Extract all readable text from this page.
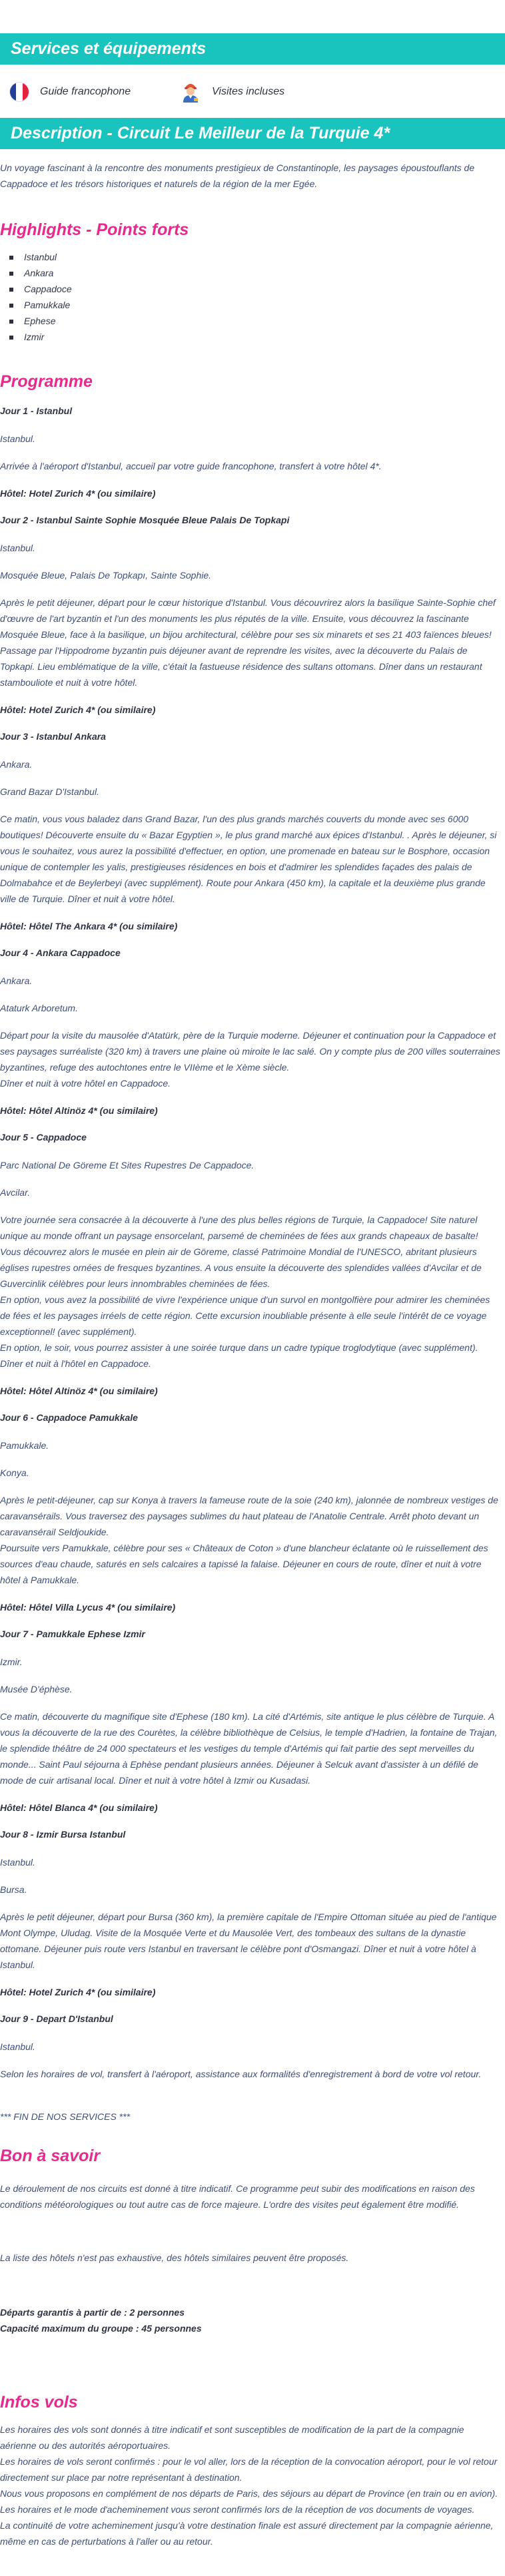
Services et équipements
Guide francophone	Visites incluses
Description - Circuit Le Meilleur de la Turquie 4*
Un voyage fascinant à la rencontre des monuments prestigieux de Constantinople, les paysages époustouflants de Cappadoce et les trésors historiques et naturels de la région de la mer Egée.
Highlights - Points forts
Istanbul
Ankara
Cappadoce
Pamukkale
Ephese
Izmir
Programme
Jour 1 - Istanbul
Istanbul.
Arrivée à l'aéroport d'Istanbul, accueil par votre guide francophone, transfert à votre hôtel 4*.
Hôtel: Hotel Zurich 4* (ou similaire)
Jour 2 - Istanbul Sainte Sophie Mosquée Bleue Palais De Topkapi
Istanbul.
Mosquée Bleue, Palais De Topkapı, Sainte Sophie.
Après le petit déjeuner, départ pour le cœur historique d'Istanbul. Vous découvrirez alors la basilique Sainte-Sophie chef d'œuvre de l'art byzantin et l'un des monuments les plus réputés de la ville. Ensuite, vous découvrez la fascinante Mosquée Bleue, face à la basilique, un bijou architectural, célèbre pour ses six minarets et ses 21 403 faïences bleues! Passage par l'Hippodrome byzantin puis déjeuner avant de reprendre les visites, avec la découverte du Palais de Topkapi. Lieu emblématique de la ville, c'était la fastueuse résidence des sultans ottomans. Dîner dans un restaurant stambouliote et nuit à votre hôtel.
Hôtel: Hotel Zurich 4* (ou similaire)
Jour 3 - Istanbul Ankara
Ankara.
Grand Bazar D'Istanbul.
Ce matin, vous vous baladez dans Grand Bazar, l'un des plus grands marchés couverts du monde avec ses 6000 boutiques! Découverte ensuite du « Bazar Egyptien », le plus grand marché aux épices d'Istanbul. . Après le déjeuner, si vous le souhaitez, vous aurez la possibilité d'effectuer, en option, une promenade en bateau sur le Bosphore, occasion unique de contempler les yalis, prestigieuses résidences en bois et d'admirer les splendides façades des palais de Dolmabahce et de Beylerbeyi (avec supplément). Route pour Ankara (450 km), la capitale et la deuxième plus grande ville de Turquie. Dîner et nuit à votre hôtel.
Hôtel: Hôtel The Ankara 4* (ou similaire)
Jour 4 - Ankara Cappadoce
Ankara.
Ataturk Arboretum.
Départ pour la visite du mausolée d'Atatürk, père de la Turquie moderne. Déjeuner et continuation pour la Cappadoce et ses paysages surréaliste (320 km) à travers une plaine où miroite le lac salé. On y compte plus de 200 villes souterraines byzantines, refuge des autochtones entre le VIIème et le Xème siècle.
Dîner et nuit à votre hôtel en Cappadoce.
Hôtel: Hôtel Altinöz 4* (ou similaire)
Jour 5 - Cappadoce
Parc National De Göreme Et Sites Rupestres De Cappadoce.
Avcilar.
Votre journée sera consacrée à la découverte à l'une des plus belles régions de Turquie, la Cappadoce! Site naturel unique au monde offrant un paysage ensorcelant, parsemé de cheminées de fées aux grands chapeaux de basalte!
Vous découvrez alors le musée en plein air de Göreme, classé Patrimoine Mondial de l'UNESCO, abritant plusieurs églises rupestres ornées de fresques byzantines. A vous ensuite la découverte des splendides vallées d'Avcilar et de Guvercinlik célèbres pour leurs innombrables cheminées de fées.
En option, vous avez la possibilité de vivre l'expérience unique d'un survol en montgolfière pour admirer les cheminées de fées et les paysages irréels de cette région. Cette excursion inoubliable présente à elle seule l'intérêt de ce voyage exceptionnel! (avec supplément).
En option, le soir, vous pourrez assister à une soirée turque dans un cadre typique troglodytique (avec supplément). Dîner et nuit à l'hôtel en Cappadoce.
Hôtel: Hôtel Altinöz 4* (ou similaire)
Jour 6 - Cappadoce Pamukkale
Pamukkale.
Konya.
Après le petit-déjeuner, cap sur Konya à travers la fameuse route de la soie (240 km), jalonnée de nombreux vestiges de caravansérails. Vous traversez des paysages sublimes du haut plateau de l'Anatolie Centrale. Arrêt photo devant un caravansérail Seldjoukide.
Poursuite vers Pamukkale, célèbre pour ses « Châteaux de Coton » d'une blancheur éclatante où le ruissellement des sources d'eau chaude, saturés en sels calcaires a tapissé la falaise. Déjeuner en cours de route, dîner et nuit à votre hôtel à Pamukkale.
Hôtel: Hôtel Villa Lycus 4* (ou similaire)
Jour 7 - Pamukkale Ephese Izmir
Izmir.
Musée D'éphèse.
Ce matin, découverte du magnifique site d'Ephese (180 km). La cité d'Artémis, site antique le plus célèbre de Turquie. A vous la découverte de la rue des Courètes, la célèbre bibliothèque de Celsius, le temple d'Hadrien, la fontaine de Trajan, le splendide théâtre de 24 000 spectateurs et les vestiges du temple d'Artémis qui fait partie des sept merveilles du monde... Saint Paul séjourna à Ephèse pendant plusieurs années. Déjeuner à Selcuk avant d'assister à un défilé de mode de cuir artisanal local. Dîner et nuit à votre hôtel à Izmir ou Kusadasi.
Hôtel: Hôtel Blanca 4* (ou similaire)
Jour 8 - Izmir Bursa Istanbul
Istanbul.
Bursa.
Après le petit déjeuner, départ pour Bursa (360 km), la première capitale de l'Empire Ottoman située au pied de l'antique Mont Olympe, Uludag. Visite de la Mosquée Verte et du Mausolée Vert, des tombeaux des sultans de la dynastie ottomane. Déjeuner puis route vers Istanbul en traversant le célèbre pont d'Osmangazi. Dîner et nuit à votre hôtel à Istanbul.
Hôtel: Hotel Zurich 4* (ou similaire)
Jour 9 - Depart D'Istanbul
Istanbul.
Selon les horaires de vol, transfert à l'aéroport, assistance aux formalités d'enregistrement à bord de votre vol retour.
*** FIN DE NOS SERVICES ***
Bon à savoir
Le déroulement de nos circuits est donné à titre indicatif. Ce programme peut subir des modifications en raison des conditions météorologiques ou tout autre cas de force majeure. L'ordre des visites peut également être modifié.
La liste des hôtels n'est pas exhaustive, des hôtels similaires peuvent être proposés.
Départs garantis à partir de : 2 personnes
Capacité maximum du groupe : 45 personnes
Infos vols
Les horaires des vols sont donnés à titre indicatif et sont susceptibles de modification de la part de la compagnie aérienne ou des autorités aéroportuaires.
Les horaires de vols seront confirmés : pour le vol aller, lors de la réception de la convocation aéroport, pour le vol retour directement sur place par notre représentant à destination.
Nous vous proposons en complément de nos départs de Paris, des séjours au départ de Province (en train ou en avion).
Les horaires et le mode d'acheminement vous seront confirmés lors de la réception de vos documents de voyages.
La continuité de votre acheminement jusqu'à votre destination finale est assuré directement par la compagnie aérienne, même en cas de perturbations à l'aller ou au retour.
